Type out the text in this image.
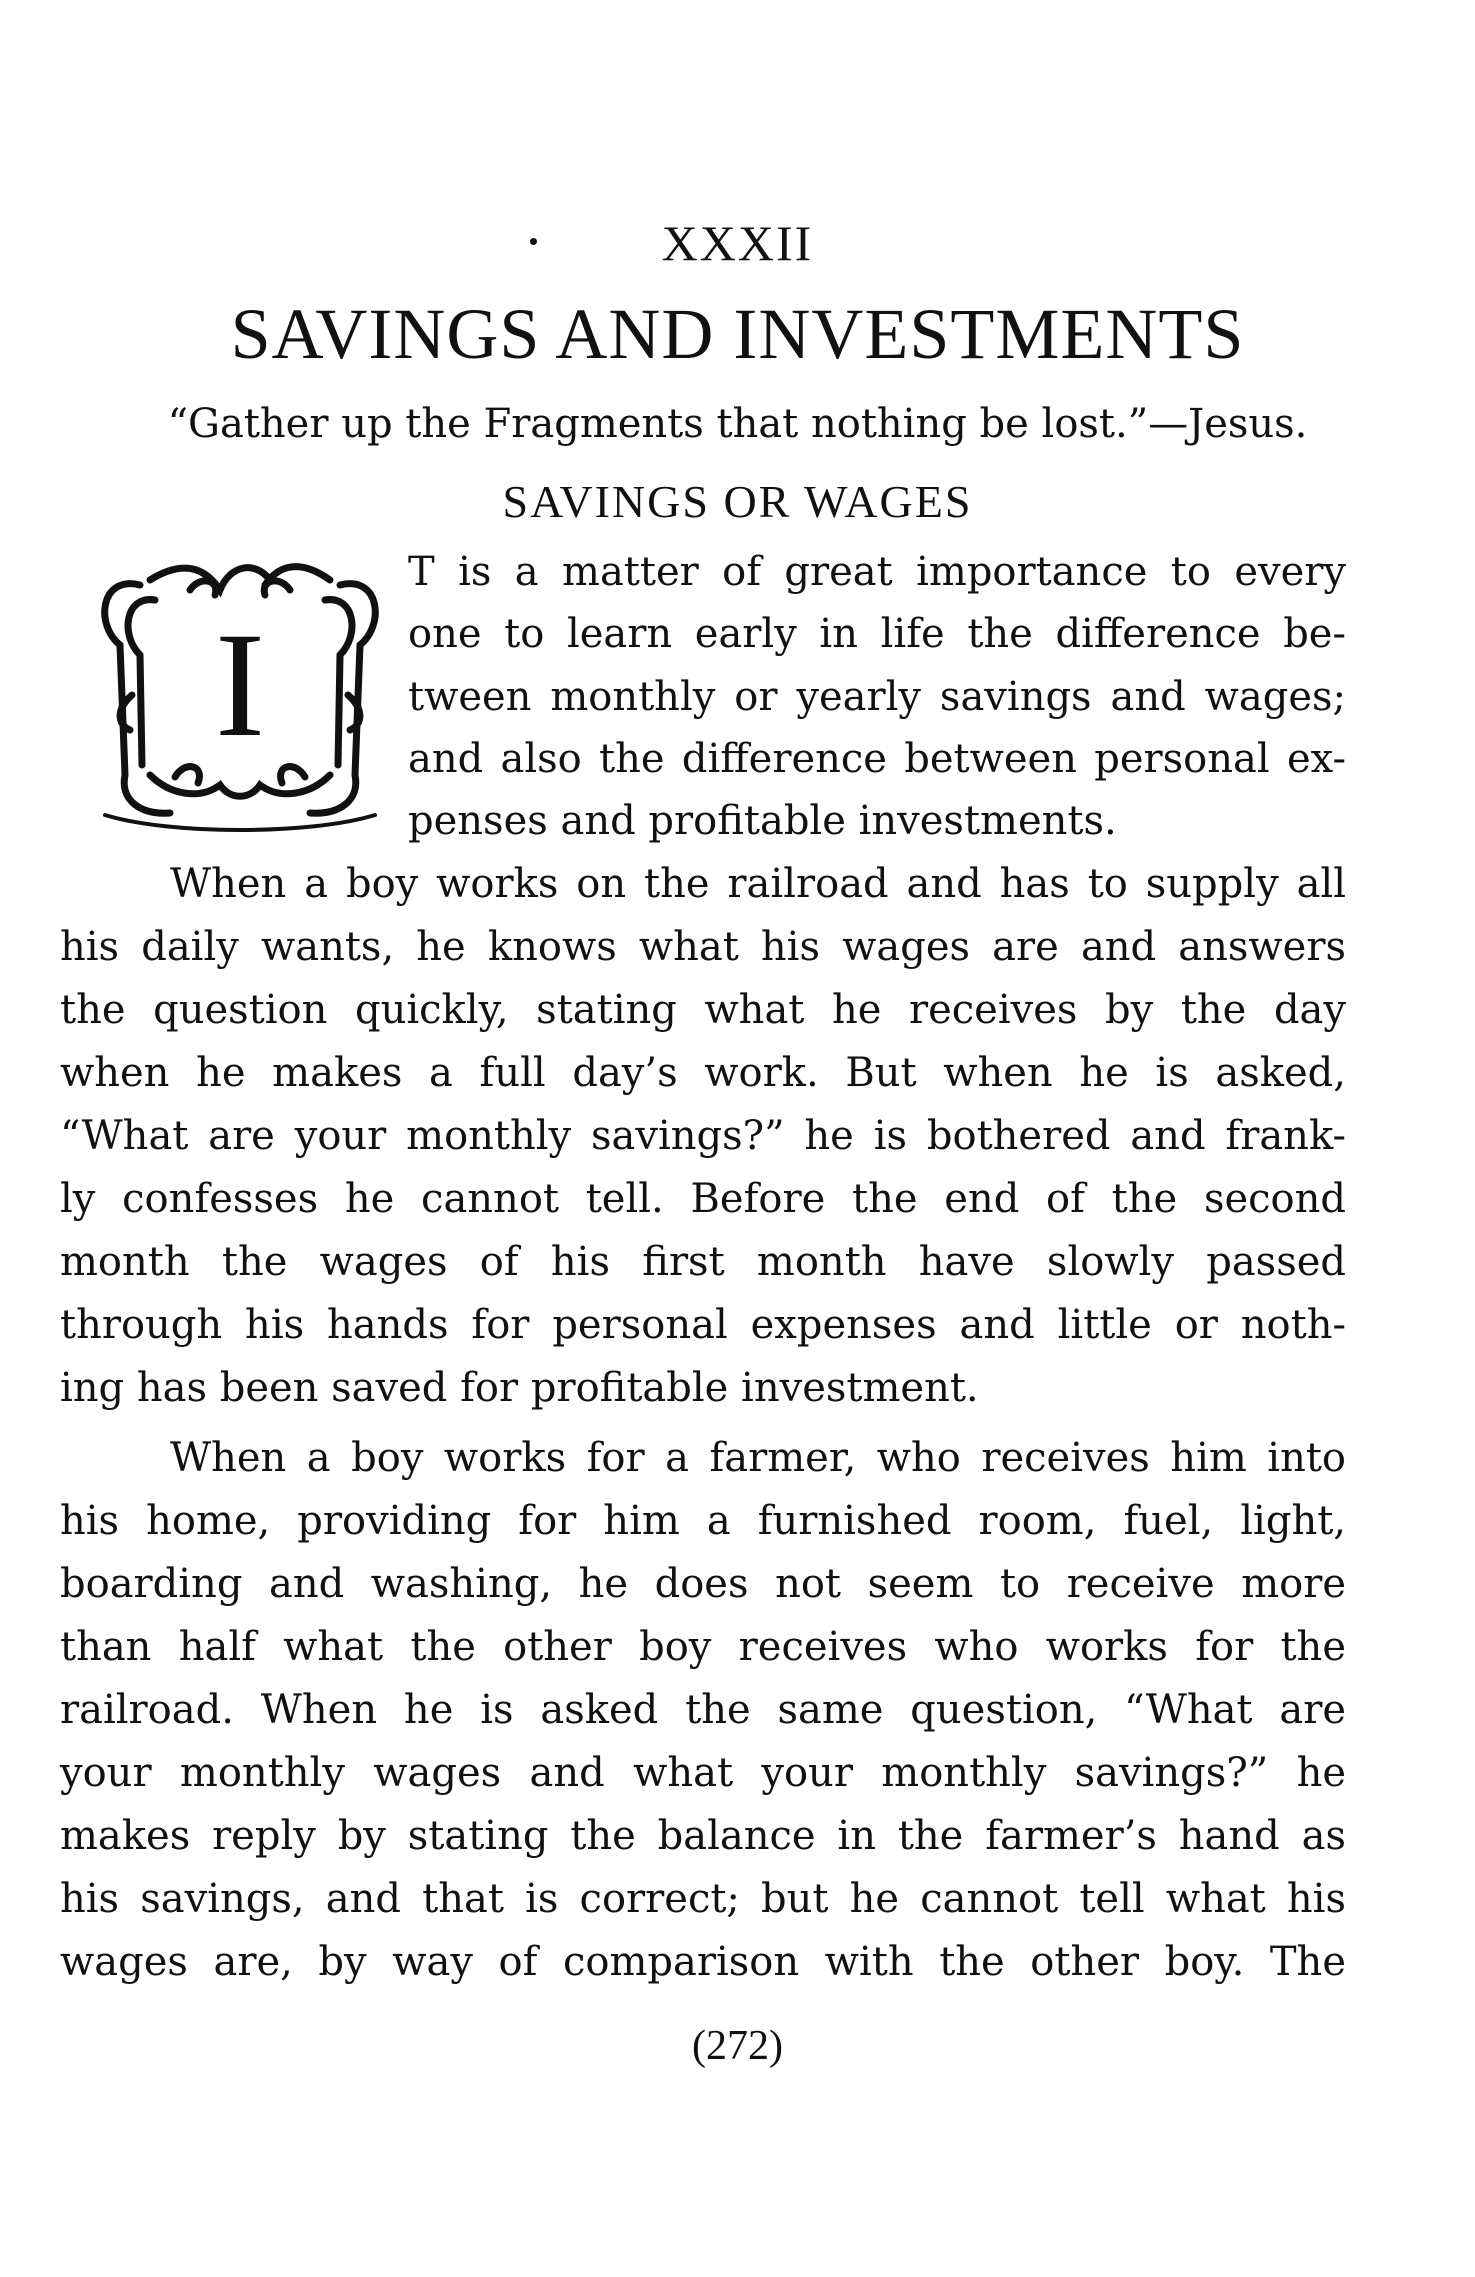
XXXII
SAVINGS AND INVESTMENTS
“Gather up the Fragments that nothing be lost.”—Jesus.
SAVINGS OR WAGES
I
T is a matter of great importance to every
one to learn early in life the difference be-
tween monthly or yearly savings and wages;
and also the difference between personal ex-
penses and profitable investments.
When a boy works on the railroad and has to supply all
his daily wants, he knows what his wages are and answers
the question quickly, stating what he receives by the day
when he makes a full day’s work. But when he is asked,
“What are your monthly savings?” he is bothered and frank-
ly confesses he cannot tell. Before the end of the second
month the wages of his first month have slowly passed
through his hands for personal expenses and little or noth-
ing has been saved for profitable investment.
When a boy works for a farmer, who receives him into
his home, providing for him a furnished room, fuel, light,
boarding and washing, he does not seem to receive more
than half what the other boy receives who works for the
railroad. When he is asked the same question, “What are
your monthly wages and what your monthly savings?” he
makes reply by stating the balance in the farmer’s hand as
his savings, and that is correct; but he cannot tell what his
wages are, by way of comparison with the other boy. The
(272)
